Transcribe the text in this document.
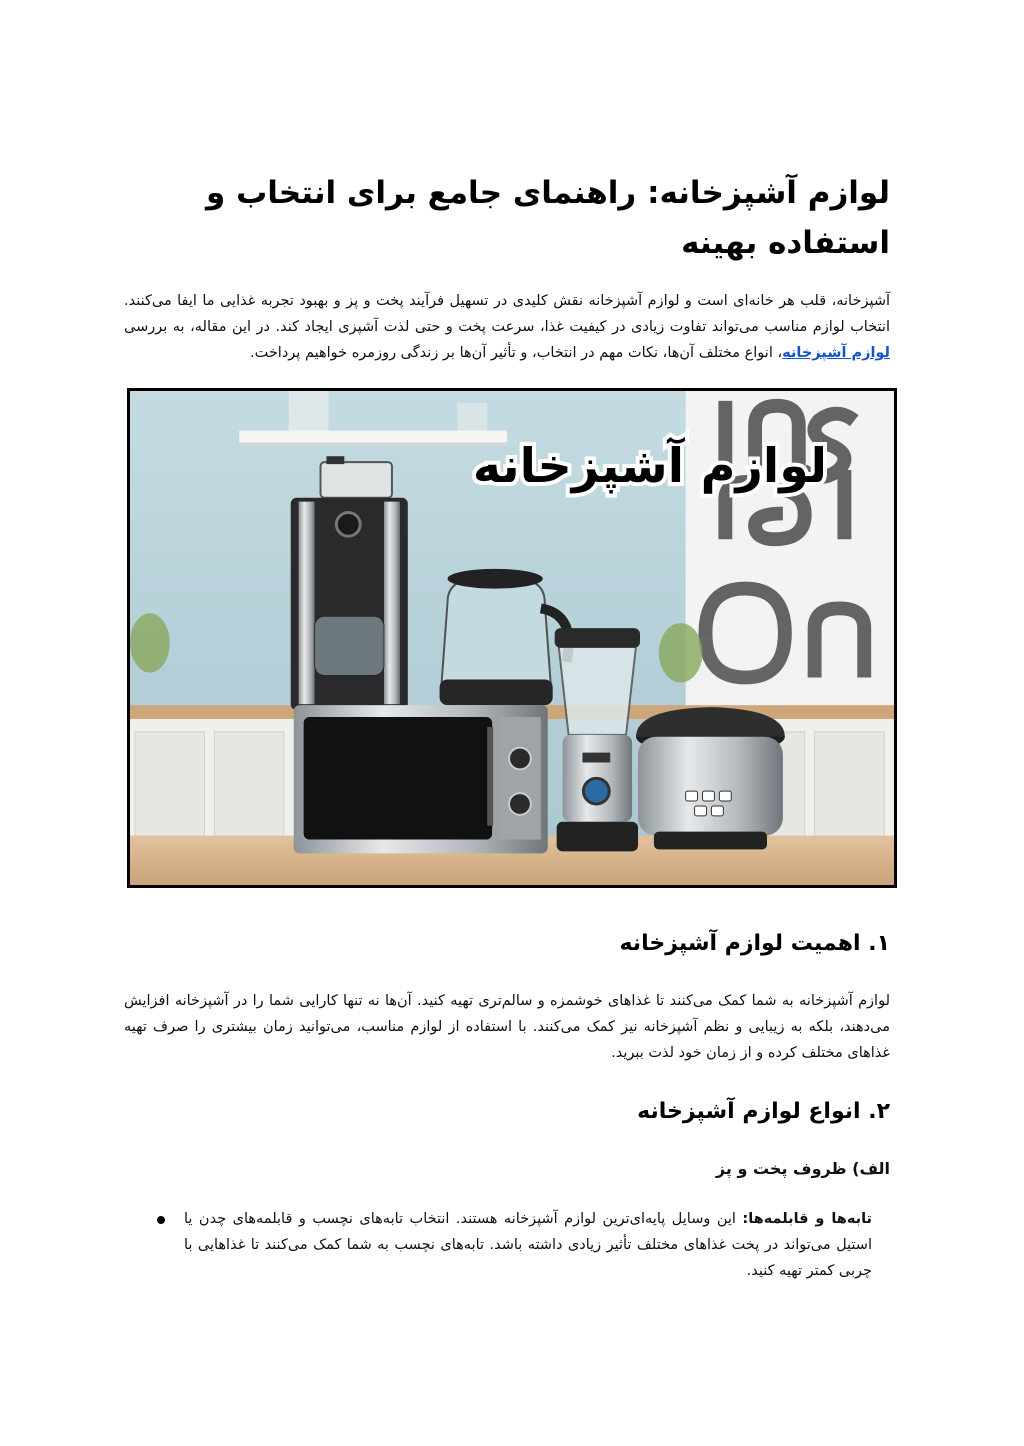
لوازم آشپزخانه: راهنمای جامع برای انتخاب و استفاده بهینه

آشپزخانه، قلب هر خانه‌ای است و لوازم آشپزخانه نقش کلیدی در تسهیل فرآیند پخت و پز و بهبود تجربه غذایی ما ایفا می‌کنند. انتخاب لوازم مناسب می‌تواند تفاوت زیادی در کیفیت غذا، سرعت پخت و حتی لذت آشپزی ایجاد کند. در این مقاله، به بررسی لوازم آشپزخانه، انواع مختلف آن‌ها، نکات مهم در انتخاب، و تأثیر آن‌ها بر زندگی روزمره خواهیم پرداخت.

لوازم آشپزخانه
۱. اهمیت لوازم آشپزخانه

لوازم آشپزخانه به شما کمک می‌کنند تا غذاهای خوشمزه و سالم‌تری تهیه کنید. آن‌ها نه تنها کارایی شما را در آشپزخانه افزایش می‌دهند، بلکه به زیبایی و نظم آشپزخانه نیز کمک می‌کنند. با استفاده از لوازم مناسب، می‌توانید زمان بیشتری را صرف تهیه غذاهای مختلف کرده و از زمان خود لذت ببرید.

۲. انواع لوازم آشپزخانه
الف) ظروف پخت و پز

تابه‌ها و قابلمه‌ها: این وسایل پایه‌ای‌ترین لوازم آشپزخانه هستند. انتخاب تابه‌های نچسب و قابلمه‌های چدن یا استیل می‌تواند در پخت غذاهای مختلف تأثیر زیادی داشته باشد. تابه‌های نچسب به شما کمک می‌کنند تا غذاهایی با چربی کمتر تهیه کنید.
